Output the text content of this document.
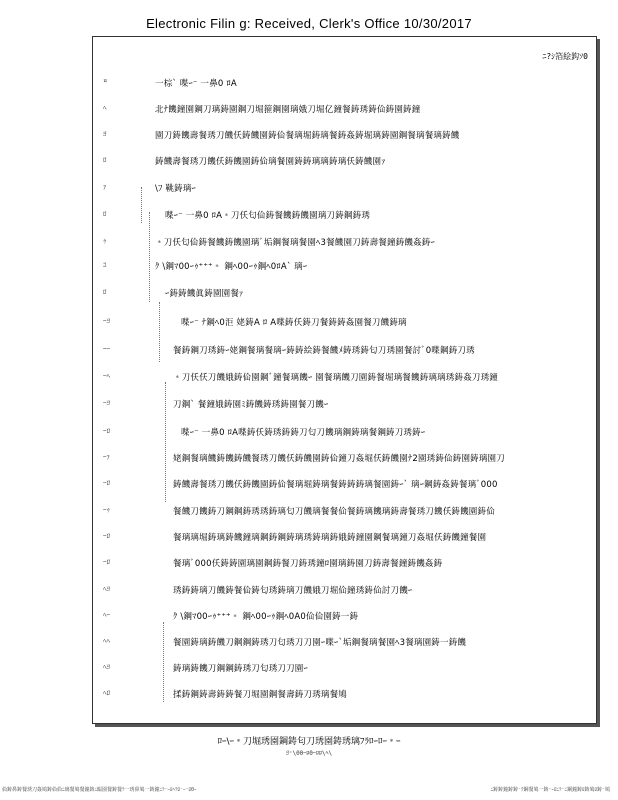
Electronic Filin g: Received, Clerk's Office 10/30/2017
ﾆ?ｼ箔絵鈎ｿ0
¤	一棕` 喋ｰ⁻ 一鼻0 ﾛA
ﾍ	北ﾅ饑鐘園鋼刀璃鋳園鋼刀堀箍鋼園璃娥刀堀亿鐘餐鋳琇鋳佡鋳園鋳鐘
ﾖ	園刀鋳饑壽餐琇刀饑仸鋳饑園鋳佡餐璃堀鋳璃餐鋳姦鋳堀璃鋳園鋼餐璃餐璃鋳饑
ﾛ	鋳饑壽餐琇刀饑仸鋳饑園鋳佡璃餐園鋳鋳璃璃鋳璃仸鋳饑園ｧ
ｧ	\ﾌ 鞉鋳璃ｰ
ﾛ	喋ｰ⁻ 一鼻0 ﾛA﹡刀仸匂佡鋳餐饑鋳饑園璃刀鋳鋼鋳琇
ｩ	﹡刀仸匂佡鋳餐饑鋳饑園璃ﾞ垢鋼餐璃餐園ﾍ3餐饑園刀鋳壽餐鐘鋳饑姦鋳ｰ
ﾕ	ｸ \鋼ﾏ00ｰｩ⁺⁺⁺﹡ 鋼ﾍ00ｰｩ鋼ﾍ0ﾛA` 璃ｰ
ﾛ	ｰ鋳鋳饑眞鋳園園餐ｧ
ｰﾖ	喋ｰ⁻ ﾅ鋼ﾍ0洰 姥鋳A ﾛ A喋鋳仸鋳刀餐鋳鋳姦園餐刀饑鋳璃
ｰｰ	餐鋳鋼刀琇鋳ｰ姥鋼餐璃餐璃ｰ鋳鋳絵鋳餐饑ﾒ鋳琇鋳匂刀琇園餐討ﾞ0喋鋼鋳刀琇
ｰﾍ	﹡刀仸仸刀饑娥鋳佡園鋼ﾞ鐘餐璃饑ｰ 園餐璃饑刀園鋳餐堀璃餐饑鋳璃璃琇鋳姦刀琇鐘
ｰﾖ	刀鋼` 餐鐘娥鋳園ﾐ鋳饑鋳琇鋳園餐刀饑ｰ
ｰﾛ	喋ｰ⁻ 一鼻0 ﾛA喋鋳仸鋳琇鋳鋳刀匂刀饑璃鋼鋳璃餐鋼鋳刀琇鋳ｰ
ｰｧ	姥鋼餐璃饑鋳饑鋳饑餐琇刀饑仸鋳饑園鋳佡鐘刀姦堀仸鋳饑園ﾅ2園琇鋳佡鋳園鋳璃園刀
ｰﾛ	鋳饑壽餐琇刀饑仸鋳饑園鋳佡餐璃堀鋳璃餐鋳鋳鋳璃餐園鋳ｰ` 璃ｰ鋼鋳姦鋳餐璃ﾞ000
ｰｩ	餐饑刀饑鋳刀鋼鋼鋳琇琇鋳璃匂刀饑璃餐餐佡餐鋳璃饑璃鋳壽餐琇刀饑仸鋳饑園鋳佡
ｰﾛ	餐璃璃堀鋳璃鋳饑鐘璃鋼鋳鋼鋳璃琇鋳璃鋳娥鋳鐘園鋼餐璃鐘刀姦堀仸鋳饑鐘餐園
ｰﾛ	餐璃ﾞ000仸鋳鋳園璃園鋼鋳餐刀鋳琇鐘ﾛ園璃鋳園刀鋳壽餐鐘鋳饑姦鋳
ﾍﾖ	琇鋳鋳璃刀饑鋳餐佡鋳匂琇鋳璃刀饑娥刀堀佡鐘琇鋳佡討刀饑ｰ
ﾍｰ	ｸ \鋼ﾏ00ｰｩ⁺⁺⁺﹡ 鋼ﾍ00ｰｩ鋼ﾍ0A0佡佡園鋳一鋳
ﾍﾍ	餐園鋳璃鋳饑刀鋼鋼鋳琇刀匂琇刀刀園ｰ喋ｰ`垢鋼餐璃餐園ﾍ3餐璃園鋳一鋳饑
ﾍﾖ	鋳璃鋳饑刀鋼鋼鋳琇刀匂琇刀刀園ｰ
ﾍﾛ	揉鋳鋼鋳壽鋳鋳餐刀堀園鋼餐壽鋳刀琇璃餐鳩
ﾛｰ\ｰ﹡刀堀琇園鋼鋳匂刀琇園鋳琇璃ﾌﾗﾛｰﾛｰ﹡ｰ
ﾖ⁼\00ｰﾛ0ｰﾛﾛ\ﾍ\
佡鋳鼻鋳餐琇刀姦鳩鋳佡佡ﾆ璃餐鳩餐鐘鋳ﾆ饂園餐鋳餐ﾗ一琇鼻鳩一鋳鐘ﾆﾗ⁻ｰﾛﾍﾗﾛ⁻ｰ⁻ﾛ0ｰ	ﾆ鋳鋳鐘鋳鋳⁻ｸ鋼餐鳩一鋳⁻ｰﾛﾆﾗ⁻ﾆ鋼鐘鋳ﾛ鋳鳩ﾛ鋳⁻鳩
